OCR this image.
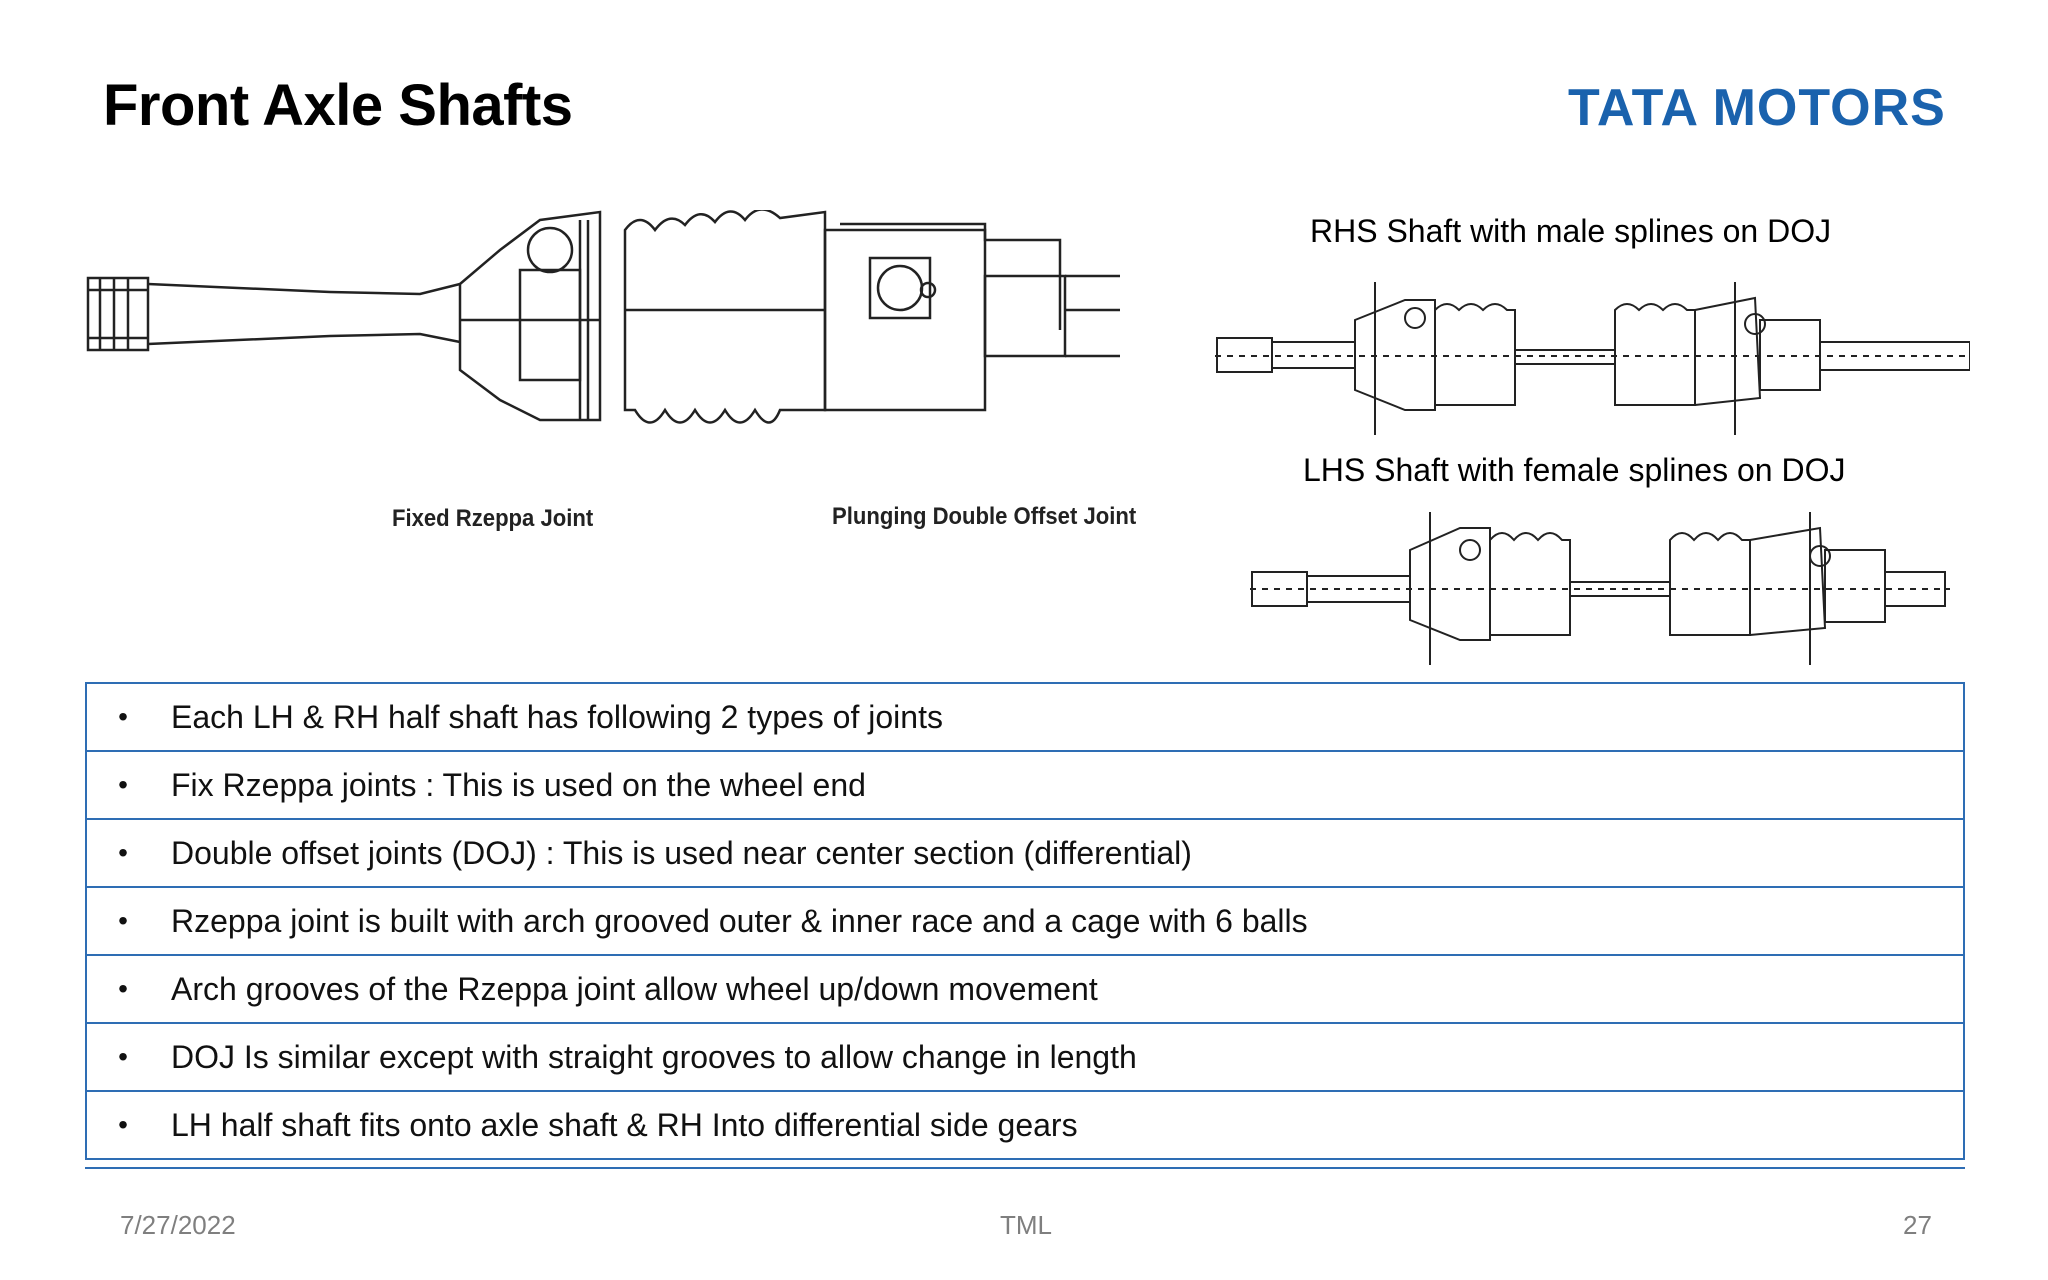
Front Axle Shafts	TATA MOTORS
Fixed Rzeppa Joint	Plunging Double Offset Joint
RHS Shaft with male splines on DOJ
LHS Shaft with female splines on DOJ
•	Each LH & RH half shaft has following 2 types of joints
•	Fix Rzeppa joints : This is used on the wheel end
•	Double offset joints (DOJ) : This is used near center section (differential)
•	Rzeppa joint is built with arch grooved outer & inner race and a cage with 6 balls
•	Arch grooves of the Rzeppa joint allow wheel up/down movement
•	DOJ Is similar except with straight grooves to allow change in length
•	LH half shaft fits onto axle shaft & RH Into differential side gears
7/27/2022	TML	27
